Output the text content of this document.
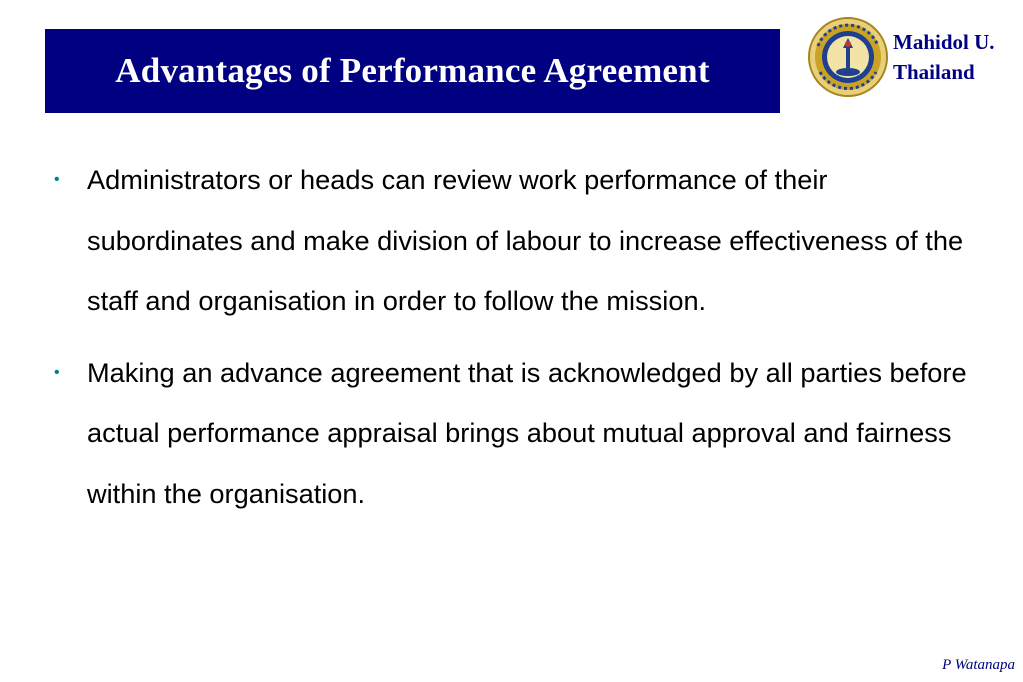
Advantages of Performance Agreement
Mahidol U.
Thailand
• Administrators or heads can review work performance of their subordinates and make division of labour to increase effectiveness of the staff and organisation in order to follow the mission.
• Making an advance agreement that is acknowledged by all parties before actual performance appraisal brings about mutual approval and fairness within the organisation.
P Watanapa
